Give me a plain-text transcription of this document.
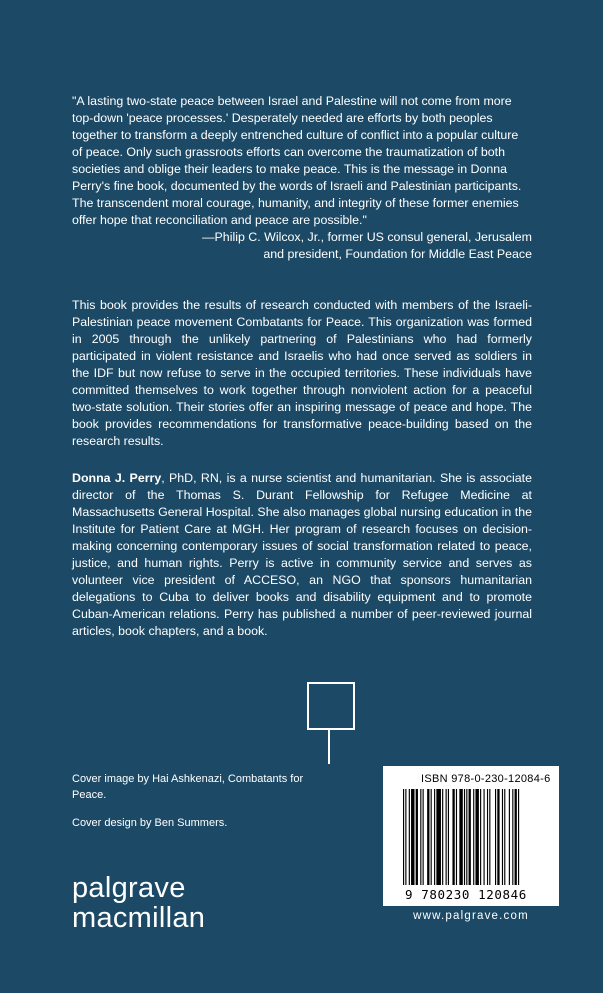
"A lasting two-state peace between Israel and Palestine will not come from more top-down 'peace processes.' Desperately needed are efforts by both peoples together to transform a deeply entrenched culture of conflict into a popular culture of peace. Only such grassroots efforts can overcome the traumatization of both societies and oblige their leaders to make peace. This is the message in Donna Perry's fine book, documented by the words of Israeli and Palestinian participants. The transcendent moral courage, humanity, and integrity of these former enemies offer hope that reconciliation and peace are possible."
—Philip C. Wilcox, Jr., former US consul general, Jerusalem
and president, Foundation for Middle East Peace
This book provides the results of research conducted with members of the Israeli-Palestinian peace movement Combatants for Peace. This organization was formed in 2005 through the unlikely partnering of Palestinians who had formerly participated in violent resistance and Israelis who had once served as soldiers in the IDF but now refuse to serve in the occupied territories. These individuals have committed themselves to work together through nonviolent action for a peaceful two-state solution. Their stories offer an inspiring message of peace and hope. The book provides recommendations for transformative peace-building based on the research results.
Donna J. Perry, PhD, RN, is a nurse scientist and humanitarian. She is associate director of the Thomas S. Durant Fellowship for Refugee Medicine at Massachusetts General Hospital. She also manages global nursing education in the Institute for Patient Care at MGH. Her program of research focuses on decision-making concerning contemporary issues of social transformation related to peace, justice, and human rights. Perry is active in community service and serves as volunteer vice president of ACCESO, an NGO that sponsors humanitarian delegations to Cuba to deliver books and disability equipment and to promote Cuban-American relations. Perry has published a number of peer-reviewed journal articles, book chapters, and a book.

Cover image by Hai Ashkenazi, Combatants for Peace.

Cover design by Ben Summers.

palgrave
macmillan
ISBN 978-0-230-12084-6
9 780230 120846
www.palgrave.com
